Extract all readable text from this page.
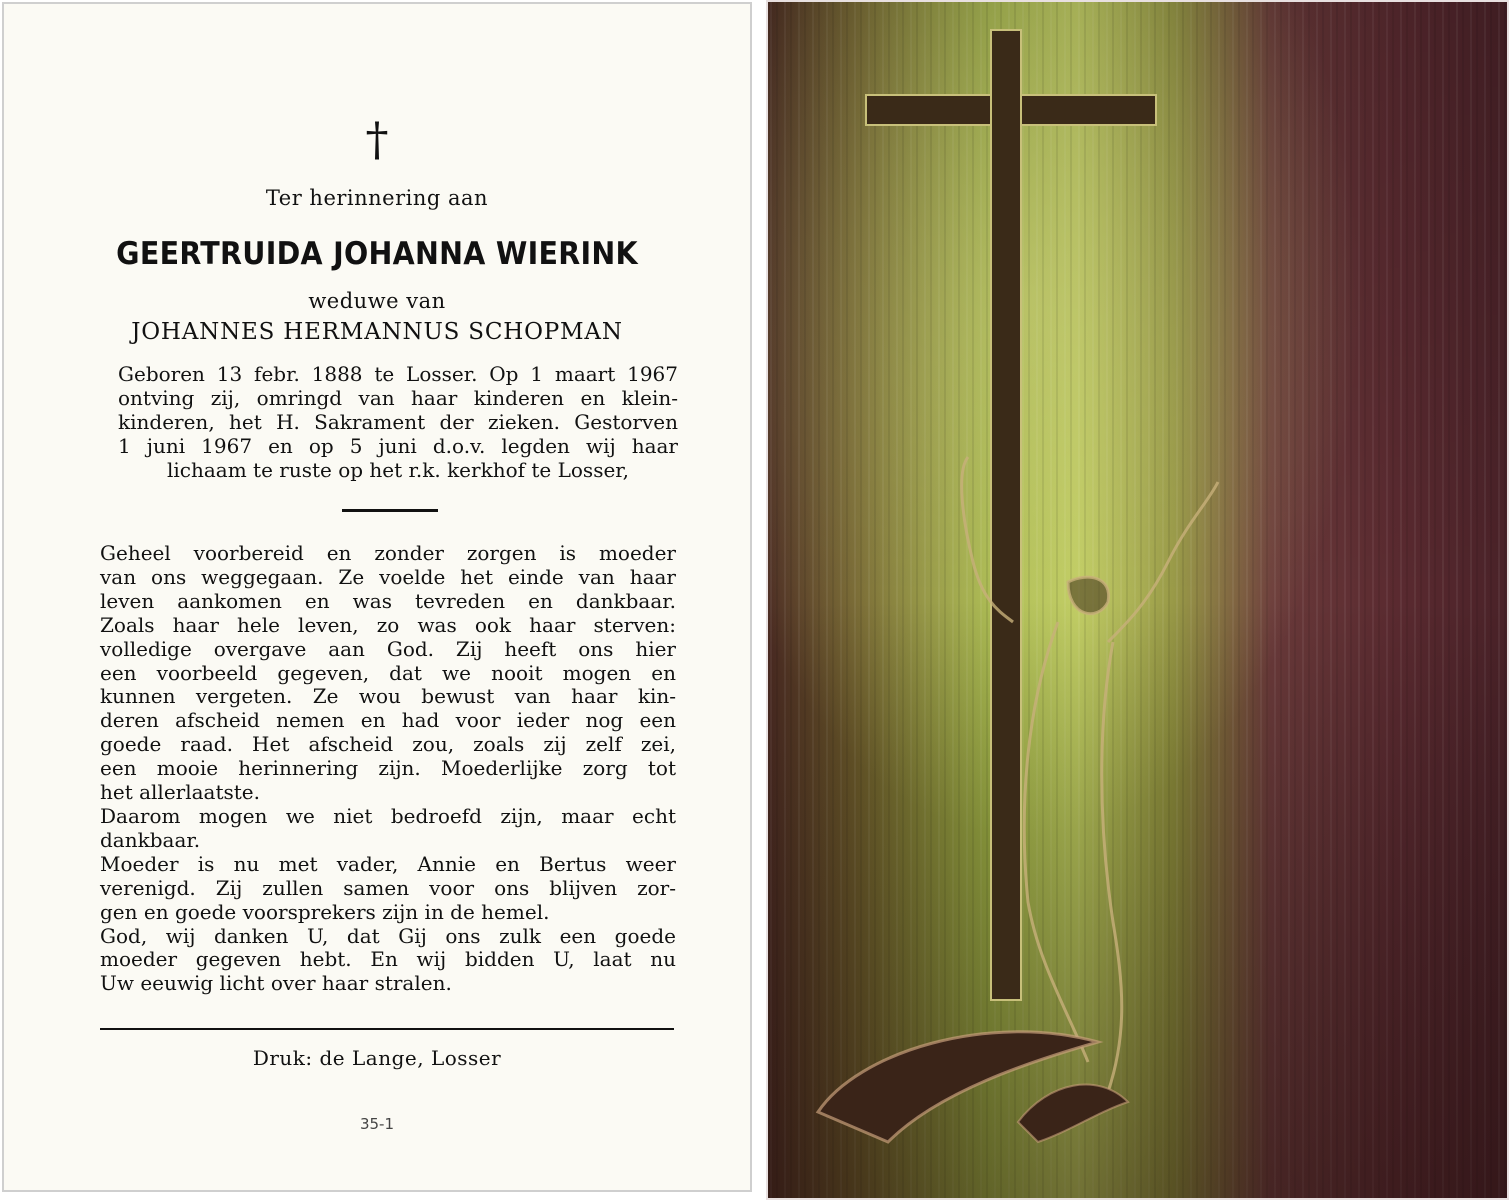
†
Ter herinnering aan
GEERTRUIDA JOHANNA WIERINK
weduwe van
JOHANNES HERMANNUS SCHOPMAN

Geboren 13 febr. 1888 te Losser. Op 1 maart 1967
ontving zij, omringd van haar kinderen en klein-
kinderen, het H. Sakrament der zieken. Gestorven
1 juni 1967 en op 5 juni d.o.v. legden wij haar
lichaam te ruste op het r.k. kerkhof te Losser,

Geheel voorbereid en zonder zorgen is moeder
van ons weggegaan. Ze voelde het einde van haar
leven aankomen en was tevreden en dankbaar.
Zoals haar hele leven, zo was ook haar sterven:
volledige overgave aan God. Zij heeft ons hier
een voorbeeld gegeven, dat we nooit mogen en
kunnen vergeten. Ze wou bewust van haar kin-
deren afscheid nemen en had voor ieder nog een
goede raad. Het afscheid zou, zoals zij zelf zei,
een mooie herinnering zijn. Moederlijke zorg tot
het allerlaatste.
Daarom mogen we niet bedroefd zijn, maar echt
dankbaar.
Moeder is nu met vader, Annie en Bertus weer
verenigd. Zij zullen samen voor ons blijven zor-
gen en goede voorsprekers zijn in de hemel.
God, wij danken U, dat Gij ons zulk een goede
moeder gegeven hebt. En wij bidden U, laat nu
Uw eeuwig licht over haar stralen.

Druk: de Lange, Losser
35-1
